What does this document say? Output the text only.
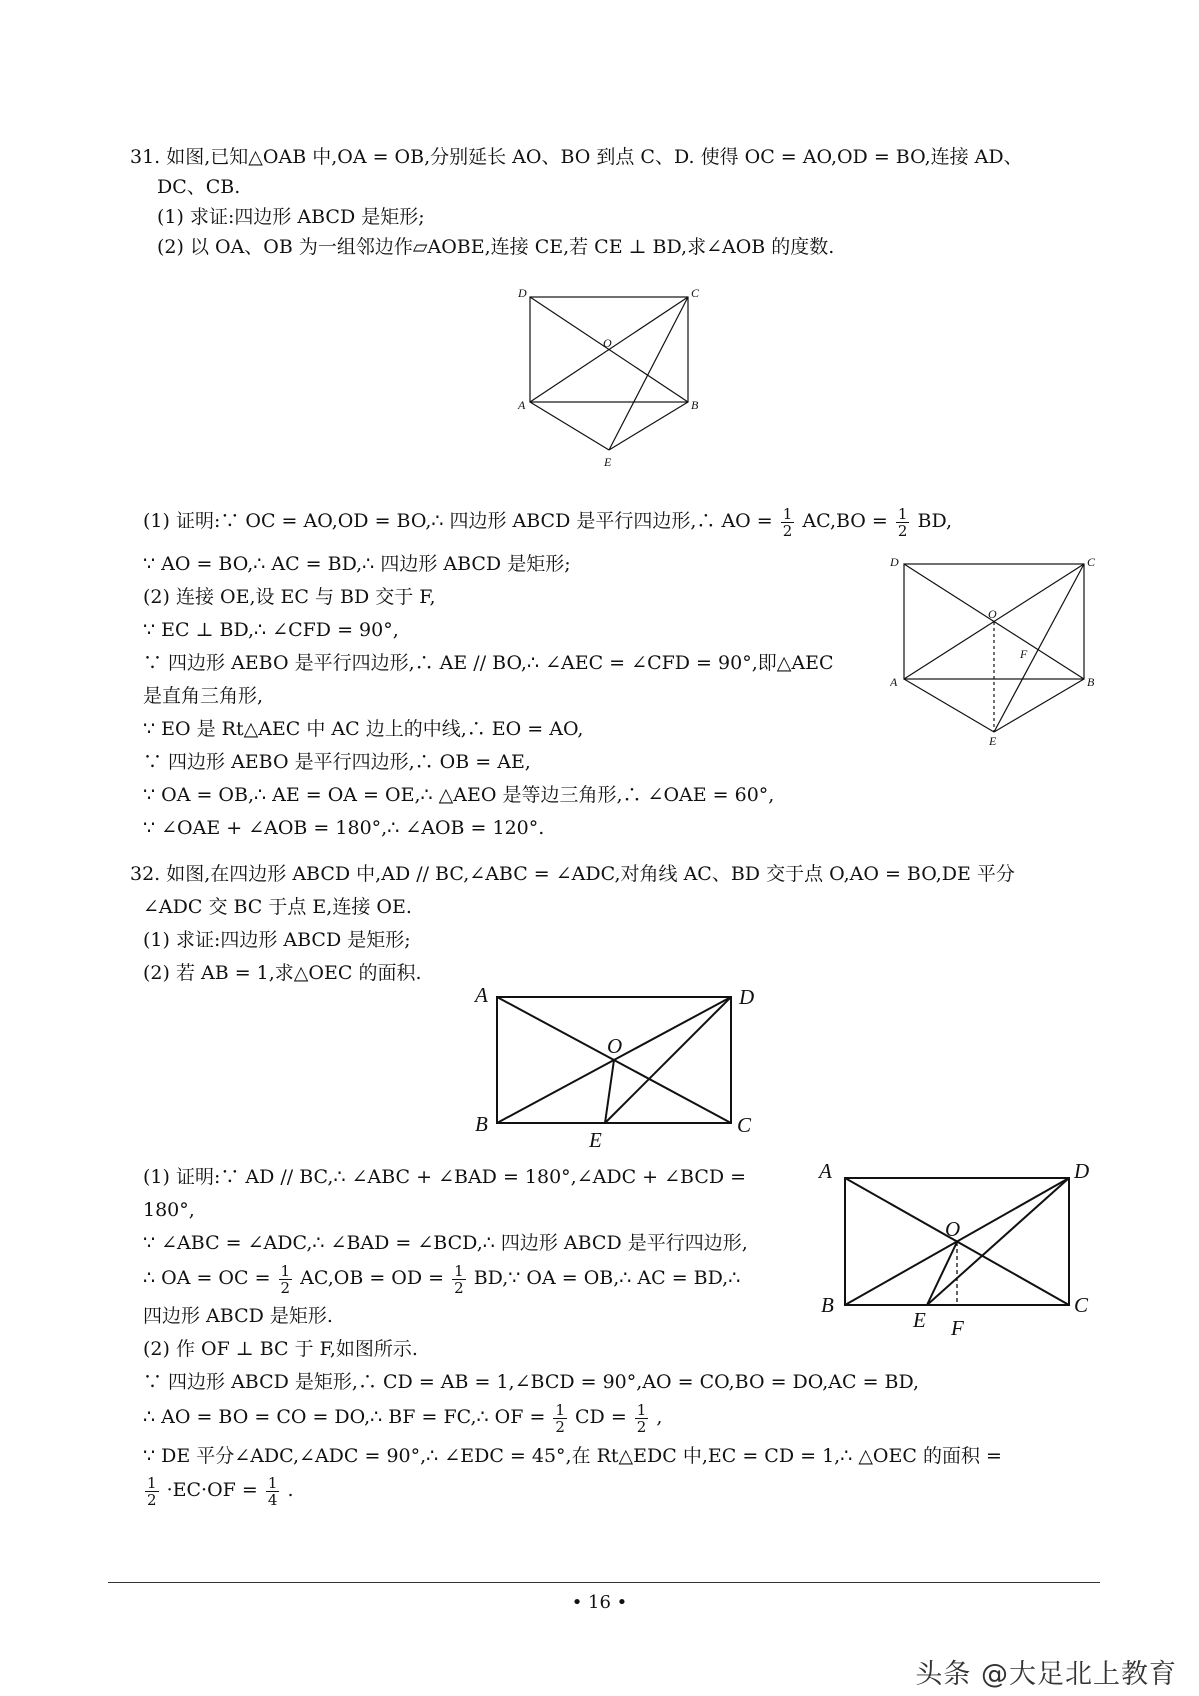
31. 如图,已知△OAB 中,OA = OB,分别延长 AO、BO 到点 C、D. 使得 OC = AO,OD = BO,连接 AD、
DC、CB.
(1) 求证:四边形 ABCD 是矩形;
(2) 以 OA、OB 为一组邻边作▱AOBE,连接 CE,若 CE ⊥ BD,求∠AOB 的度数.
D	C
O
A	B
E
(1) 证明:∵ OC = AO,OD = BO,∴ 四边形 ABCD 是平行四边形,∴ AO = $\frac{1}{2} AC,BO = \frac{1}{2}$ BD,
∵ AO = BO,∴ AC = BD,∴ 四边形 ABCD 是矩形;
(2) 连接 OE,设 EC 与 BD 交于 F,
∵ EC ⊥ BD,∴ ∠CFD = 90°,
∵ 四边形 AEBO 是平行四边形,∴ AE // BO,∴ ∠AEC = ∠CFD = 90°,即△AEC
是直角三角形,
∵ EO 是 Rt△AEC 中 AC 边上的中线,∴ EO = AO,
∵ 四边形 AEBO 是平行四边形,∴ OB = AE,
∵ OA = OB,∴ AE = OA = OE,∴ △AEO 是等边三角形,∴ ∠OAE = 60°,
∵ ∠OAE + ∠AOB = 180°,∴ ∠AOB = 120°.
D	C
O
F
A	B
E
32. 如图,在四边形 ABCD 中,AD // BC,∠ABC = ∠ADC,对角线 AC、BD 交于点 O,AO = BO,DE 平分
∠ADC 交 BC 于点 E,连接 OE.
(1) 求证:四边形 ABCD 是矩形;
(2) 若 AB = 1,求△OEC 的面积.
A	D
O
B
E
C
(1) 证明:∵ AD // BC,∴ ∠ABC + ∠BAD = 180°,∠ADC + ∠BCD =
180°,
∵ ∠ABC = ∠ADC,∴ ∠BAD = ∠BCD,∴ 四边形 ABCD 是平行四边形,
∴ OA = OC = $\frac{1}{2} AC,OB$ = OD = $\frac{1}{2}$ BD,∵ OA = OB,∴ AC = BD,∴
四边形 ABCD 是矩形.
(2) 作 OF ⊥ BC 于 F,如图所示.
∵ 四边形 ABCD 是矩形,∴ CD = AB = 1,∠BCD = 90°,AO = CO,BO = DO,AC = BD,
∴ AO = BO = CO = DO,∴ BF = FC,∴ OF = $\frac{1}{2}$ CD = $\frac{1}{2}$ ,
∵ DE 平分∠ADC,∠ADC = 90°,∴ ∠EDC = 45°,在 Rt△EDC 中,EC = CD = 1,∴ △OEC 的面积 =
$\frac{1}{2} \cdot EC\cdot OF = \frac{1}{4}$ .
A	D
O
B
E F
C
• 16 •
头条 @大足北上教育
